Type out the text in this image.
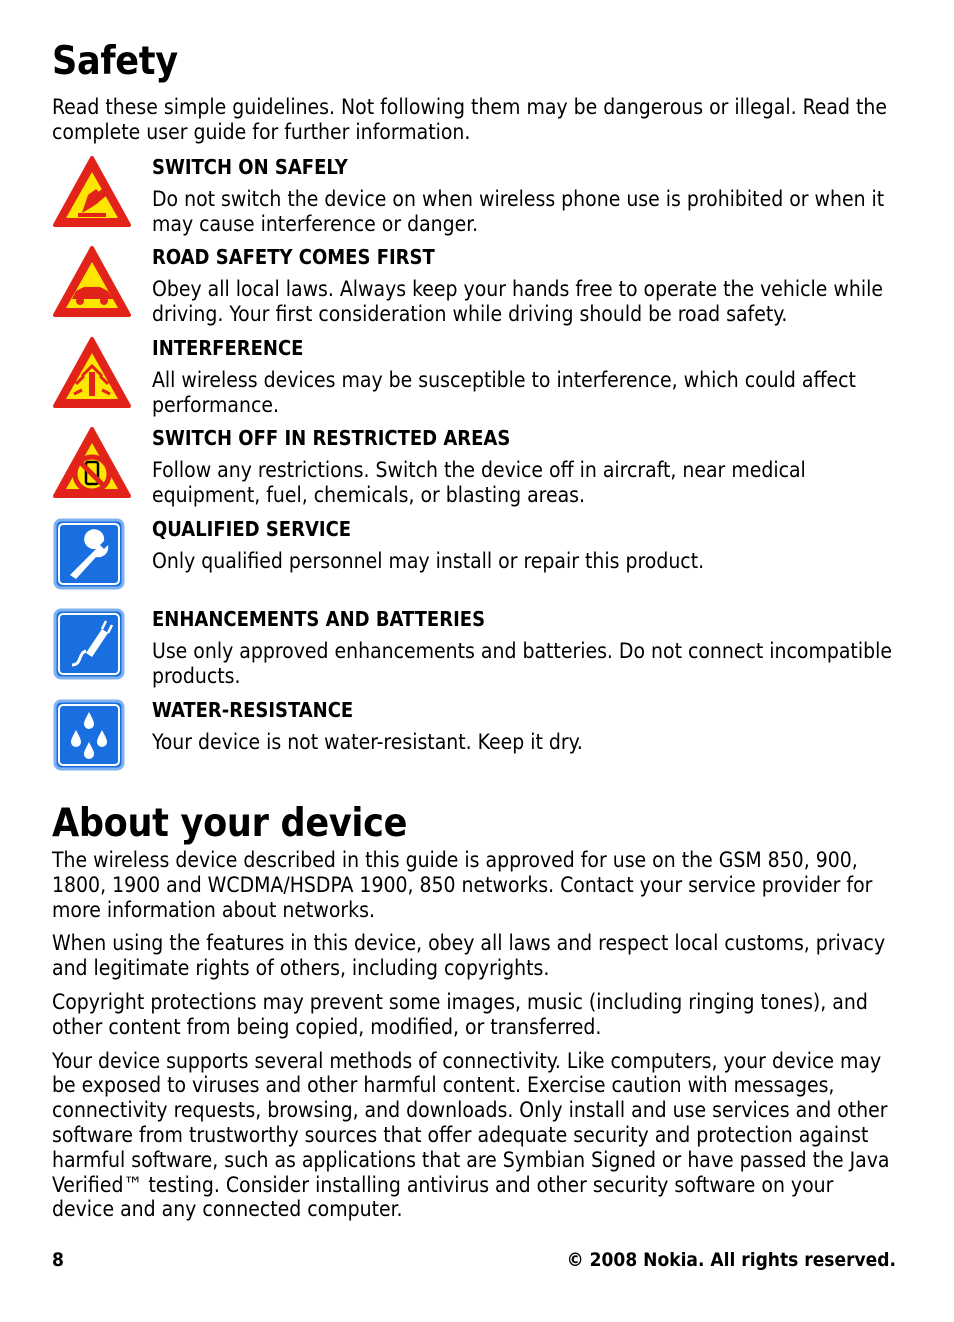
Safety
Read these simple guidelines. Not following them may be dangerous or illegal. Read the complete user guide for further information.
SWITCH ON SAFELY
Do not switch the device on when wireless phone use is prohibited or when it may cause interference or danger.
ROAD SAFETY COMES FIRST
Obey all local laws. Always keep your hands free to operate the vehicle while driving. Your first consideration while driving should be road safety.
INTERFERENCE
All wireless devices may be susceptible to interference, which could affect performance.
SWITCH OFF IN RESTRICTED AREAS
Follow any restrictions. Switch the device off in aircraft, near medical equipment, fuel, chemicals, or blasting areas.
QUALIFIED SERVICE
Only qualified personnel may install or repair this product.
ENHANCEMENTS AND BATTERIES
Use only approved enhancements and batteries. Do not connect incompatible products.
WATER-RESISTANCE
Your device is not water-resistant. Keep it dry.
About your device

The wireless device described in this guide is approved for use on the GSM 850, 900, 1800, 1900 and WCDMA/HSDPA 1900, 850 networks. Contact your service provider for more information about networks.

When using the features in this device, obey all laws and respect local customs, privacy and legitimate rights of others, including copyrights.

Copyright protections may prevent some images, music (including ringing tones), and other content from being copied, modified, or transferred.

Your device supports several methods of connectivity. Like computers, your device may be exposed to viruses and other harmful content. Exercise caution with messages, connectivity requests, browsing, and downloads. Only install and use services and other software from trustworthy sources that offer adequate security and protection against harmful software, such as applications that are Symbian Signed or have passed the Java Verified™ testing. Consider installing antivirus and other security software on your device and any connected computer.

8	© 2008 Nokia. All rights reserved.
